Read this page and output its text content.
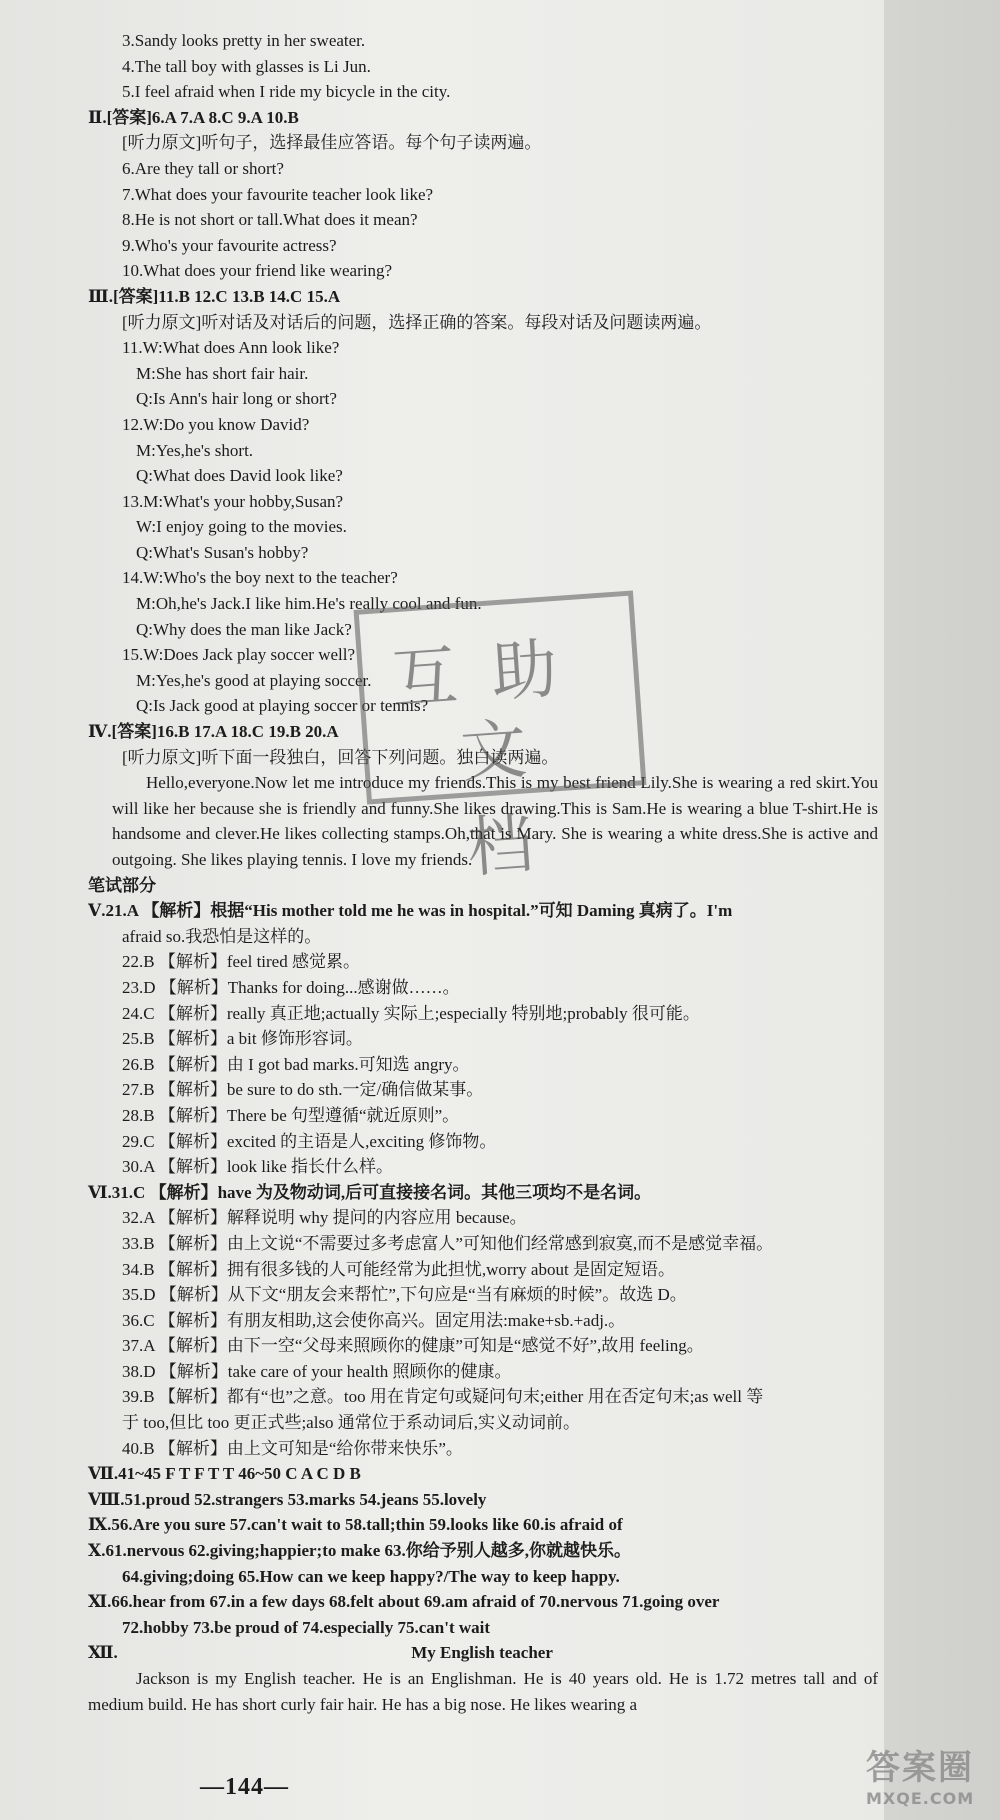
3.Sandy looks pretty in her sweater.
4.The tall boy with glasses is Li Jun.
5.I feel afraid when I ride my bicycle in the city.
Ⅱ.[答案]6.A 7.A 8.C 9.A 10.B
[听力原文]听句子，选择最佳应答语。每个句子读两遍。
6.Are they tall or short?
7.What does your favourite teacher look like?
8.He is not short or tall.What does it mean?
9.Who's your favourite actress?
10.What does your friend like wearing?
Ⅲ.[答案]11.B 12.C 13.B 14.C 15.A
[听力原文]听对话及对话后的问题，选择正确的答案。每段对话及问题读两遍。
11.W:What does Ann look like?
M:She has short fair hair.
Q:Is Ann's hair long or short?
12.W:Do you know David?
M:Yes,he's short.
Q:What does David look like?
13.M:What's your hobby,Susan?
W:I enjoy going to the movies.
Q:What's Susan's hobby?
14.W:Who's the boy next to the teacher?
M:Oh,he's Jack.I like him.He's really cool and fun.
Q:Why does the man like Jack?
15.W:Does Jack play soccer well?
M:Yes,he's good at playing soccer.
Q:Is Jack good at playing soccer or tennis?
Ⅳ.[答案]16.B 17.A 18.C 19.B 20.A
[听力原文]听下面一段独白，回答下列问题。独白读两遍。
Hello,everyone.Now let me introduce my friends.This is my best friend Lily.She is wearing a red skirt.You will like her because she is friendly and funny.She likes drawing.This is Sam.He is wearing a blue T-shirt.He is handsome and clever.He likes collecting stamps.Oh,that is Mary. She is wearing a white dress.She is active and outgoing. She likes playing tennis. I love my friends.
笔试部分
Ⅴ.21.A 【解析】根据“His mother told me he was in hospital.”可知 Daming 真病了。I'm
afraid so.我恐怕是这样的。
22.B 【解析】feel tired 感觉累。
23.D 【解析】Thanks for doing...感谢做……。
24.C 【解析】really 真正地;actually 实际上;especially 特别地;probably 很可能。
25.B 【解析】a bit 修饰形容词。
26.B 【解析】由 I got bad marks.可知选 angry。
27.B 【解析】be sure to do sth.一定/确信做某事。
28.B 【解析】There be 句型遵循“就近原则”。
29.C 【解析】excited 的主语是人,exciting 修饰物。
30.A 【解析】look like 指长什么样。
Ⅵ.31.C 【解析】have 为及物动词,后可直接接名词。其他三项均不是名词。
32.A 【解析】解释说明 why 提问的内容应用 because。
33.B 【解析】由上文说“不需要过多考虑富人”可知他们经常感到寂寞,而不是感觉幸福。
34.B 【解析】拥有很多钱的人可能经常为此担忧,worry about 是固定短语。
35.D 【解析】从下文“朋友会来帮忙”,下句应是“当有麻烦的时候”。故选 D。
36.C 【解析】有朋友相助,这会使你高兴。固定用法:make+sb.+adj.。
37.A 【解析】由下一空“父母来照顾你的健康”可知是“感觉不好”,故用 feeling。
38.D 【解析】take care of your health 照顾你的健康。
39.B 【解析】都有“也”之意。too 用在肯定句或疑问句末;either 用在否定句末;as well 等
于 too,但比 too 更正式些;also 通常位于系动词后,实义动词前。
40.B 【解析】由上文可知是“给你带来快乐”。
Ⅶ.41~45 F T F T T 46~50 C A C D B
Ⅷ.51.proud 52.strangers 53.marks 54.jeans 55.lovely
Ⅸ.56.Are you sure 57.can't wait to 58.tall;thin 59.looks like 60.is afraid of
Ⅹ.61.nervous 62.giving;happier;to make 63.你给予别人越多,你就越快乐。
64.giving;doing 65.How can we keep happy?/The way to keep happy.
Ⅺ.66.hear from 67.in a few days 68.felt about 69.am afraid of 70.nervous 71.going over
72.hobby 73.be proud of 74.especially 75.can't wait
Ⅻ.	My English teacher
Jackson is my English teacher. He is an Englishman. He is 40 years old. He is 1.72 metres tall and of medium build. He has short curly fair hair. He has a big nose. He likes wearing a
互助
文档
—144—	答案圈
MXQE.COM
